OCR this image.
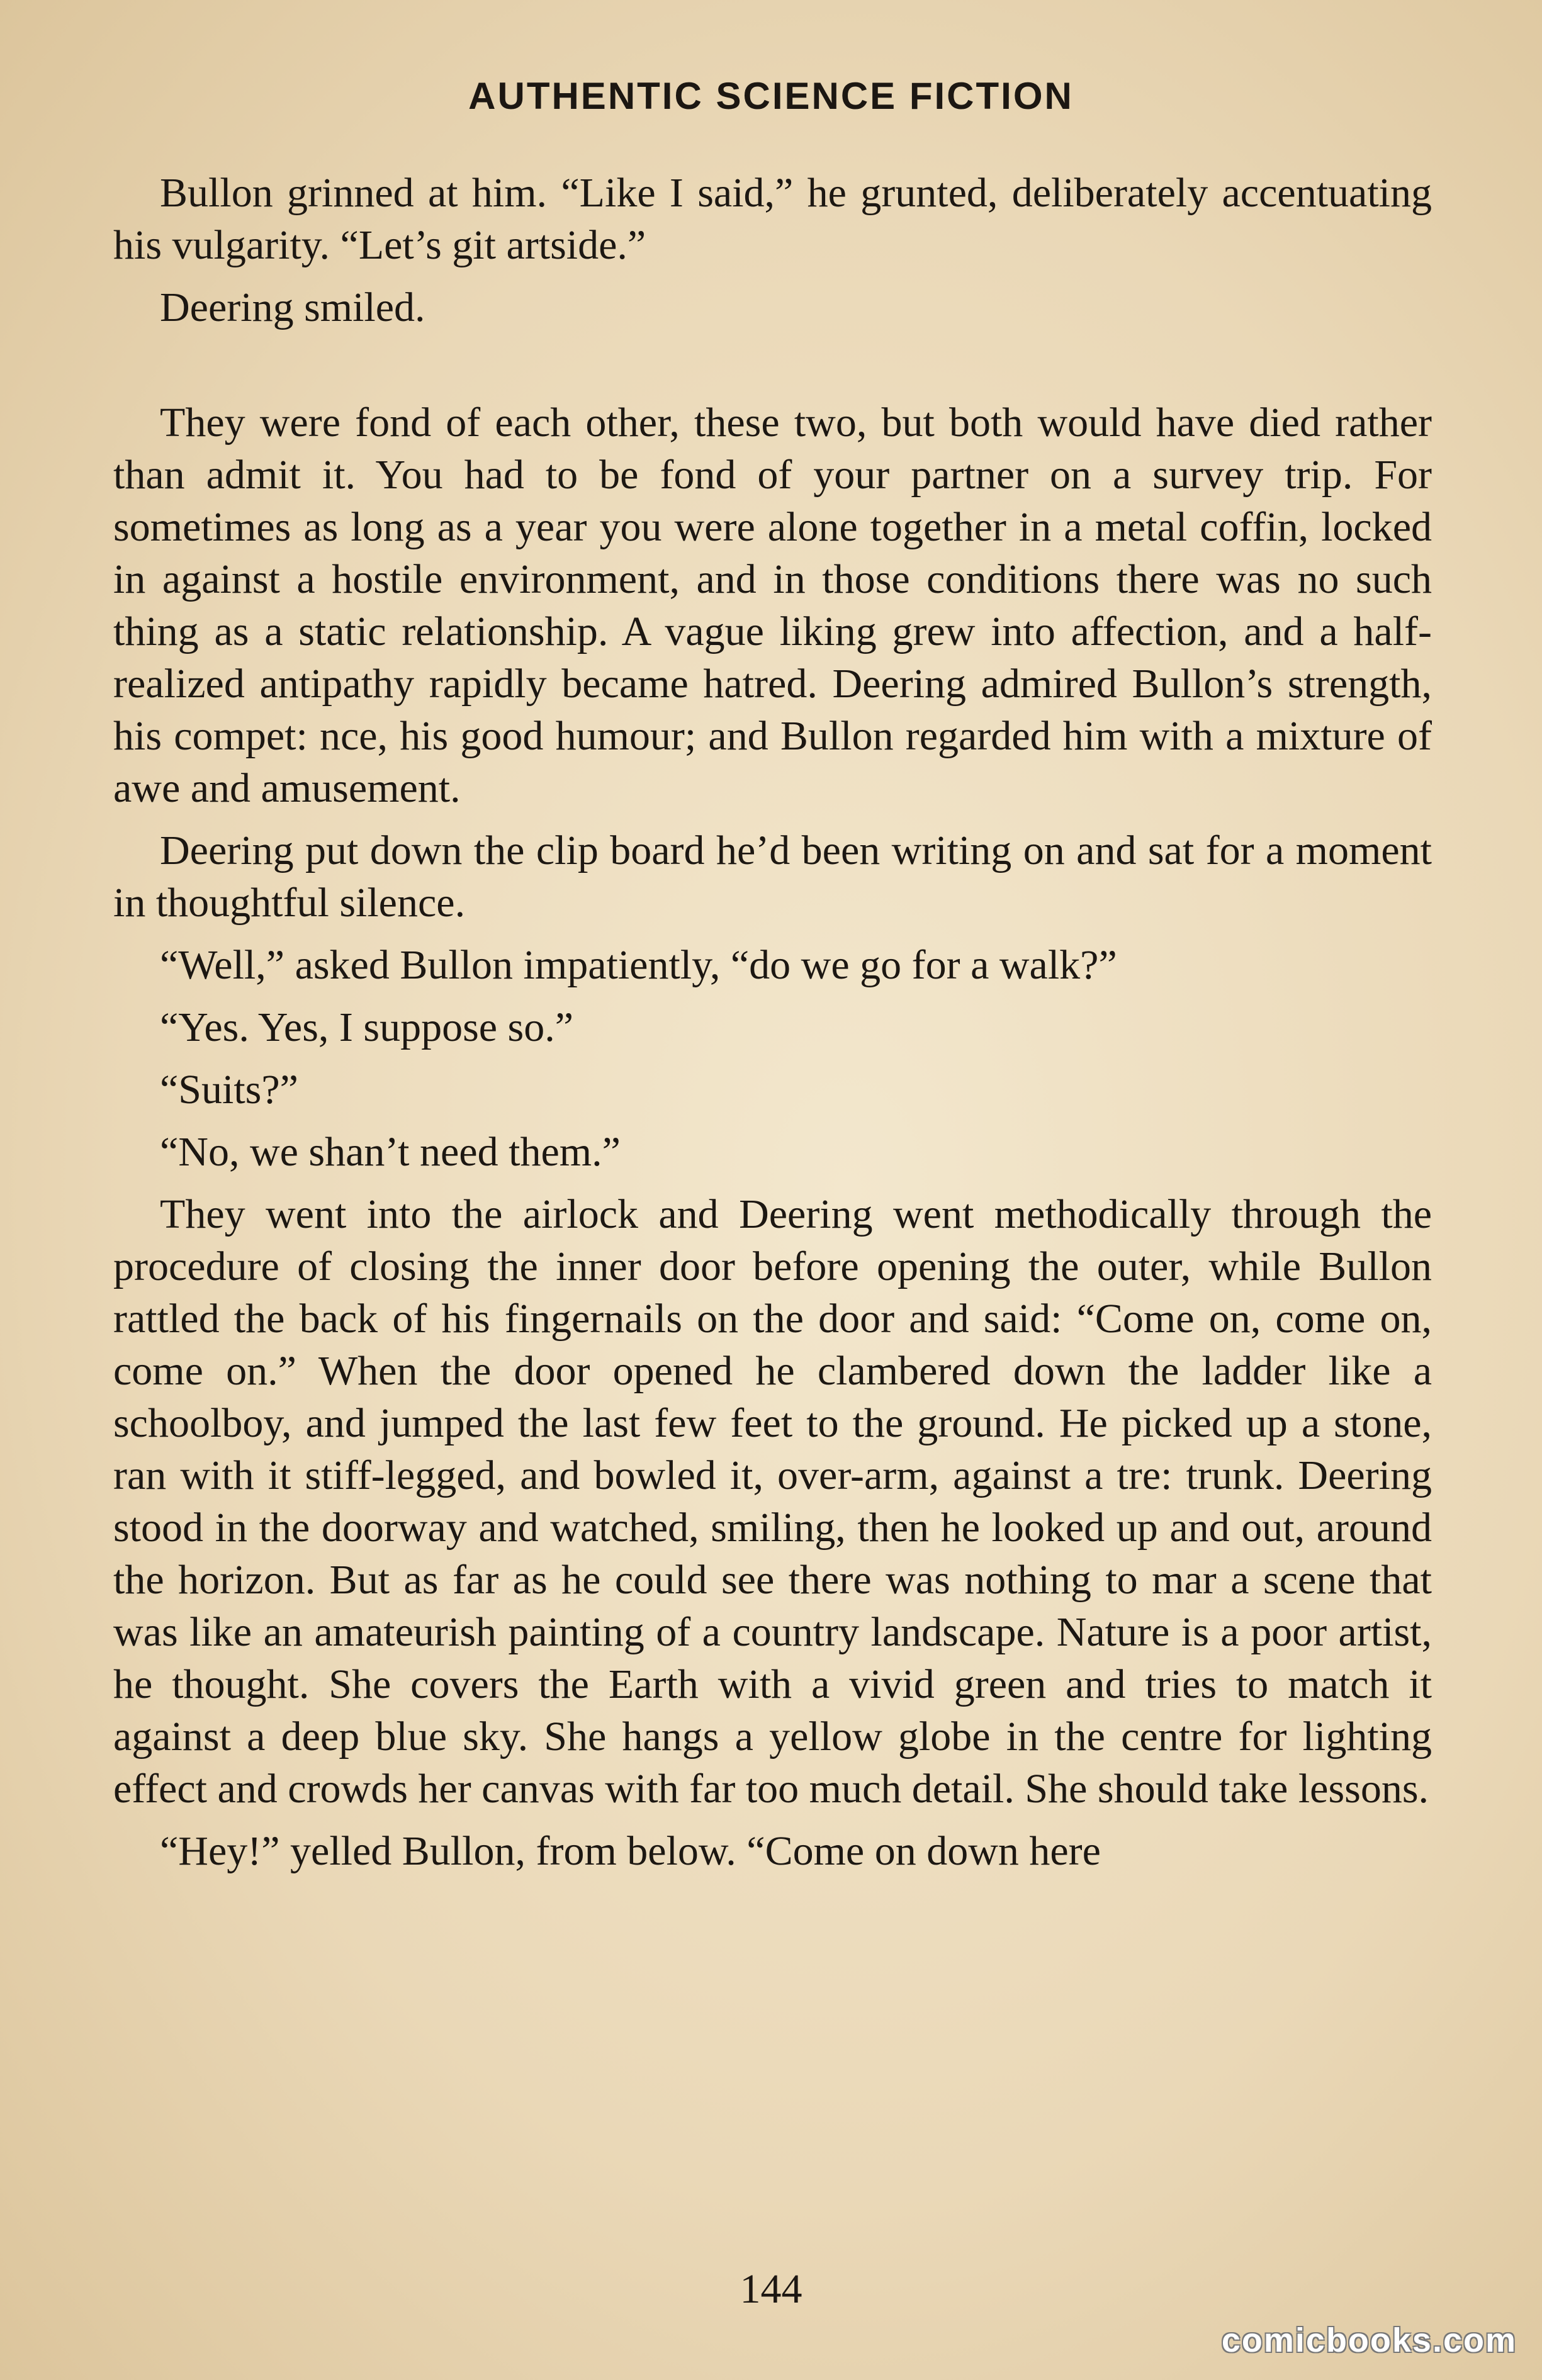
AUTHENTIC SCIENCE FICTION

Bullon grinned at him. “Like I said,” he grunted, deliberately accentuating his vulgarity. “Let’s git artside.”

Deering smiled.

They were fond of each other, these two, but both would have died rather than admit it. You had to be fond of your partner on a survey trip. For sometimes as long as a year you were alone together in a metal coffin, locked in against a hostile environment, and in those conditions there was no such thing as a static relationship. A vague liking grew into affection, and a half-realized antipathy rapidly became hatred. Deering admired Bullon’s strength, his compet: nce, his good humour; and Bullon regarded him with a mixture of awe and amusement.

Deering put down the clip board he’d been writing on and sat for a moment in thoughtful silence.

“Well,” asked Bullon impatiently, “do we go for a walk?”

“Yes. Yes, I suppose so.”

“Suits?”

“No, we shan’t need them.”

They went into the airlock and Deering went methodically through the procedure of closing the inner door before opening the outer, while Bullon rattled the back of his fingernails on the door and said: “Come on, come on, come on.” When the door opened he clambered down the ladder like a schoolboy, and jumped the last few feet to the ground. He picked up a stone, ran with it stiff-legged, and bowled it, over-arm, against a tre: trunk. Deering stood in the doorway and watched, smiling, then he looked up and out, around the horizon. But as far as he could see there was nothing to mar a scene that was like an amateurish painting of a country landscape. Nature is a poor artist, he thought. She covers the Earth with a vivid green and tries to match it against a deep blue sky. She hangs a yellow globe in the centre for lighting effect and crowds her canvas with far too much detail. She should take lessons.

“Hey!” yelled Bullon, from below. “Come on down here

144
comicbooks.com
